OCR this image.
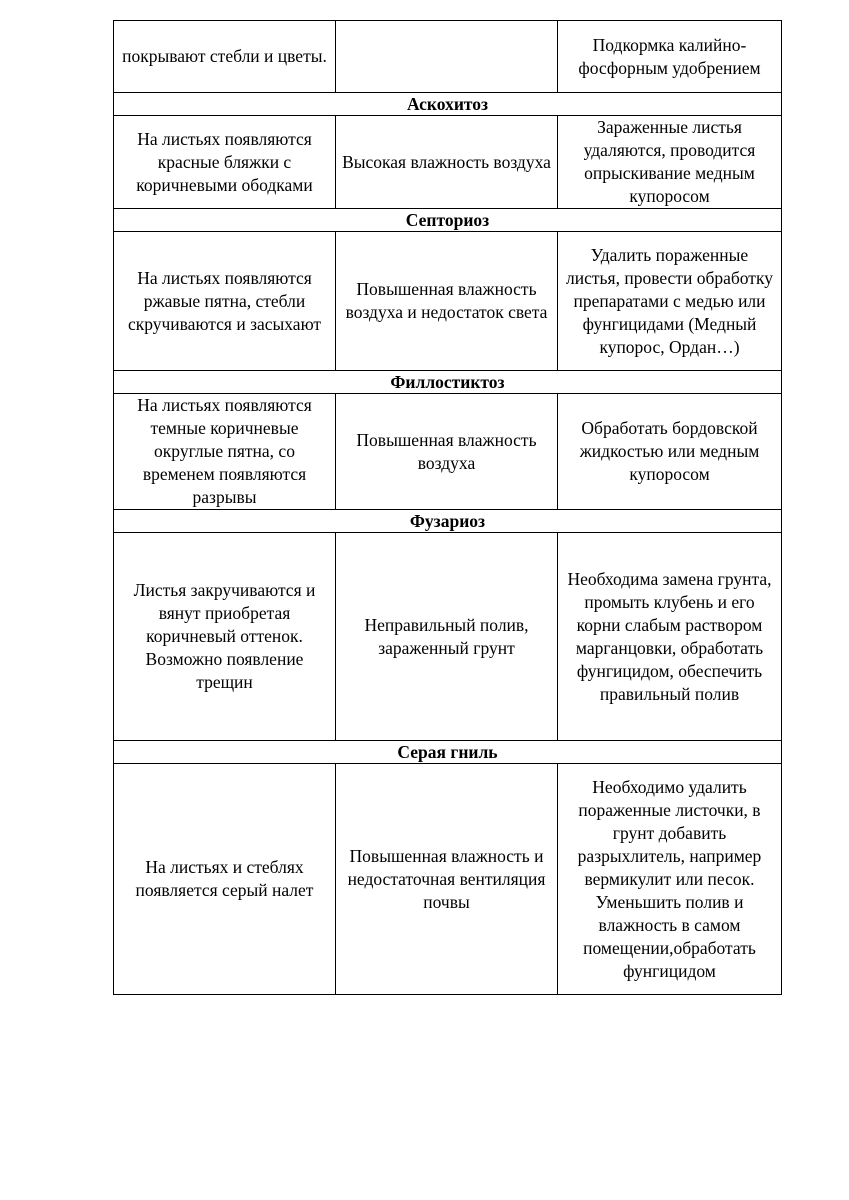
покрывают стебли и цветы.		Подкормка калийно-фосфорным удобрением
Аскохитоз		
На листьях появляются красные бляжки с коричневыми ободками	Высокая влажность воздуха	Зараженные листья удаляются, проводится опрыскивание медным купоросом
Септориоз		
На листьях появляются ржавые пятна, стебли скручиваются и засыхают	Повышенная влажность воздуха и недостаток света	Удалить пораженные листья, провести обработку препаратами с медью или фунгицидами (Медный купорос, Ордан…)
Филлостиктоз		
На листьях появляются темные коричневые округлые пятна, со временем появляются разрывы	Повышенная влажность воздуха	Обработать бордовской жидкостью или медным купоросом
Фузариоз		
Листья закручиваются и вянут приобретая коричневый оттенок. Возможно появление трещин	Неправильный полив, зараженный грунт	Необходима замена грунта, промыть клубень и его корни слабым раствором марганцовки, обработать фунгицидом, обеспечить правильный полив
Серая гниль		
На листьях и стеблях появляется серый налет	Повышенная влажность и недостаточная вентиляция почвы	Необходимо удалить пораженные листочки, в грунт добавить разрыхлитель, например вермикулит или песок. Уменьшить полив и влажность в самом помещении,обработать фунгицидом
